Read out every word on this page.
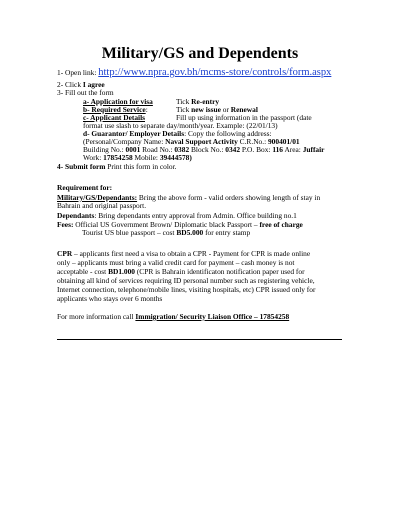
Military/GS and Dependents
1- Open link: http://www.npra.gov.bh/mcms-store/controls/form.aspx
2- Click I agree
3- Fill out the form
a- Application for visa	Tick Re-entry
b- Required Service:	Tick new issue or Renewal
c- Applicant Details	Fill up using information in the passport (date
format use slash to separate day/month/year. Example: (22/01/13)
d- Guarantor/ Employer Details: Copy the following address:
(Personal/Company Name: Naval Support Activity C.R.No.: 900401/01
Building No.: 0001 Road No.: 0382 Block No.: 0342 P.O. Box: 116 Area: Juffair
Work: 17854258 Mobile: 39444578)
4- Submit form Print this form in color.
Requirement for:
Military/GS/Dependants: Bring the above form - valid orders showing length of stay in
Bahrain and original passport.
Dependants: Bring dependants entry approval from Admin. Office building no.1
Fees: Official US Government Brown/ Diplomatic black Passport – free of charge
Tourist US blue passport – cost BD5.000 for entry stamp
CPR – applicants first need a visa to obtain a CPR - Payment for CPR is made online
only – applicants must bring a valid credit card for payment – cash money is not
acceptable - cost BD1.000 (CPR is Bahrain identificaton notification paper used for
obtaining all kind of services requiring ID personal number such as registering vehicle,
Internet connection, telephone/mobile lines, visiting hospitals, etc) CPR issued only for
applicants who stays over 6 months
For more information call Immigration/ Security Liaison Office – 17854258
